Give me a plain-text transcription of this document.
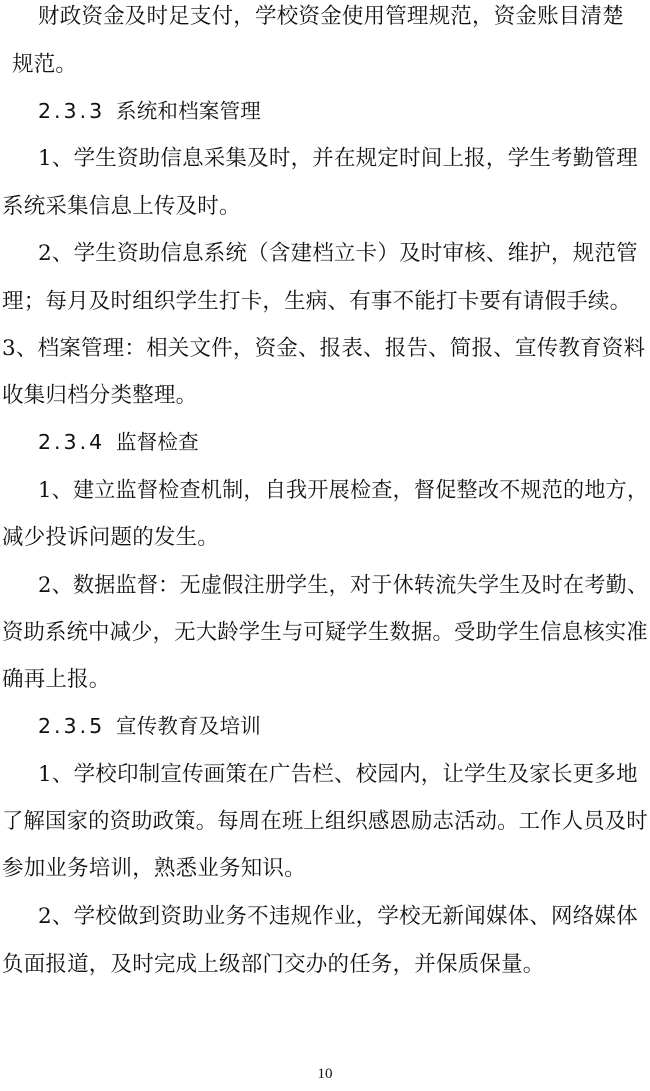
财政资金及时足支付，学校资金使用管理规范，资金账目清楚
规范。
2.3.3 系统和档案管理
1、学生资助信息采集及时，并在规定时间上报，学生考勤管理
系统采集信息上传及时。
2、学生资助信息系统（含建档立卡）及时审核、维护，规范管
理；每月及时组织学生打卡，生病、有事不能打卡要有请假手续。
3、档案管理：相关文件，资金、报表、报告、简报、宣传教育资料
收集归档分类整理。
2.3.4 监督检查
1、建立监督检查机制，自我开展检查，督促整改不规范的地方，
减少投诉问题的发生。
2、数据监督：无虚假注册学生，对于休转流失学生及时在考勤、
资助系统中减少，无大龄学生与可疑学生数据。受助学生信息核实准
确再上报。
2.3.5 宣传教育及培训
1、学校印制宣传画策在广告栏、校园内，让学生及家长更多地
了解国家的资助政策。每周在班上组织感恩励志活动。工作人员及时
参加业务培训，熟悉业务知识。
2、学校做到资助业务不违规作业，学校无新闻媒体、网络媒体
负面报道，及时完成上级部门交办的任务，并保质保量。
10
